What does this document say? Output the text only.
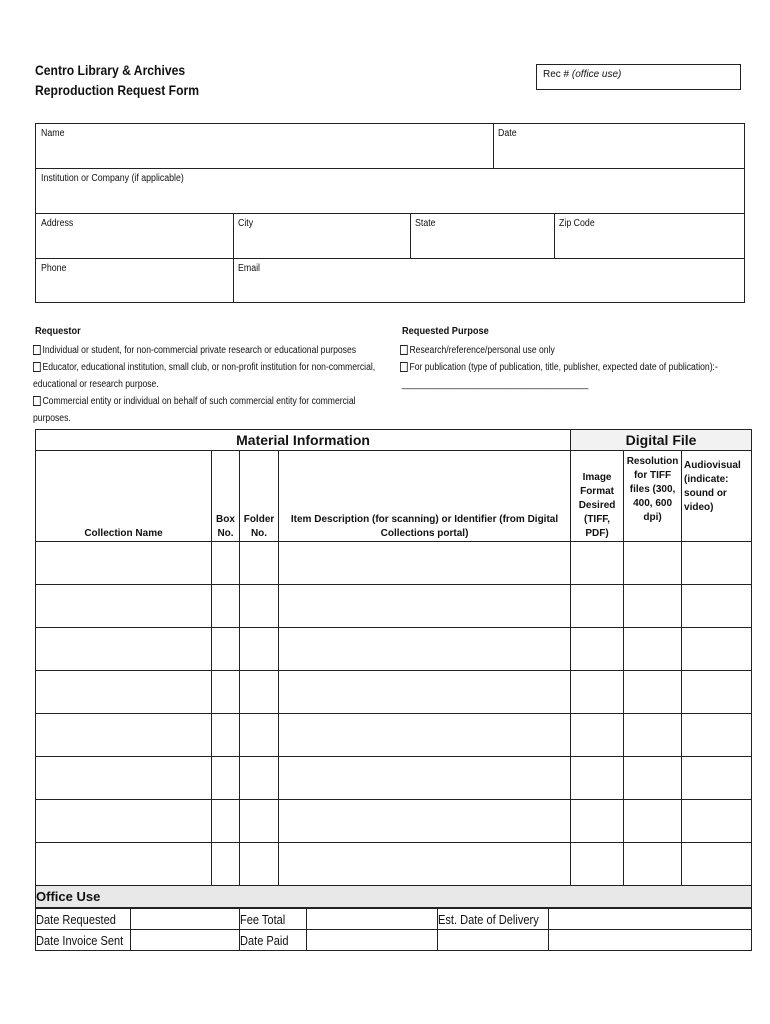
Centro Library & Archives
Reproduction Request Form
Rec # (office use)
Name	Date
Institution or Company (if applicable)
Address	City	State	Zip Code
Phone	Email
Requestor
Individual or student, for non-commercial private research or educational purposes
Educator, educational institution, small club, or non-profit institution for non-commercial, educational or research purpose.
Commercial entity or individual on behalf of such commercial entity for commercial purposes.
Requested Purpose
Research/reference/personal use only
For publication (type of publication, title, publisher, expected date of publication):-
_______________________________________
Material Information				Digital File		
Collection Name	Box No.	Folder No.	Item Description (for scanning) or Identifier (from Digital Collections portal)	Image Format Desired (TIFF, PDF)	Resolution for TIFF files (300, 400, 600 dpi)	Audiovisual (indicate: sound or video)

Office Use						
Date Requested		Fee Total		Est. Date of Delivery	
Date Invoice Sent		Date Paid			
